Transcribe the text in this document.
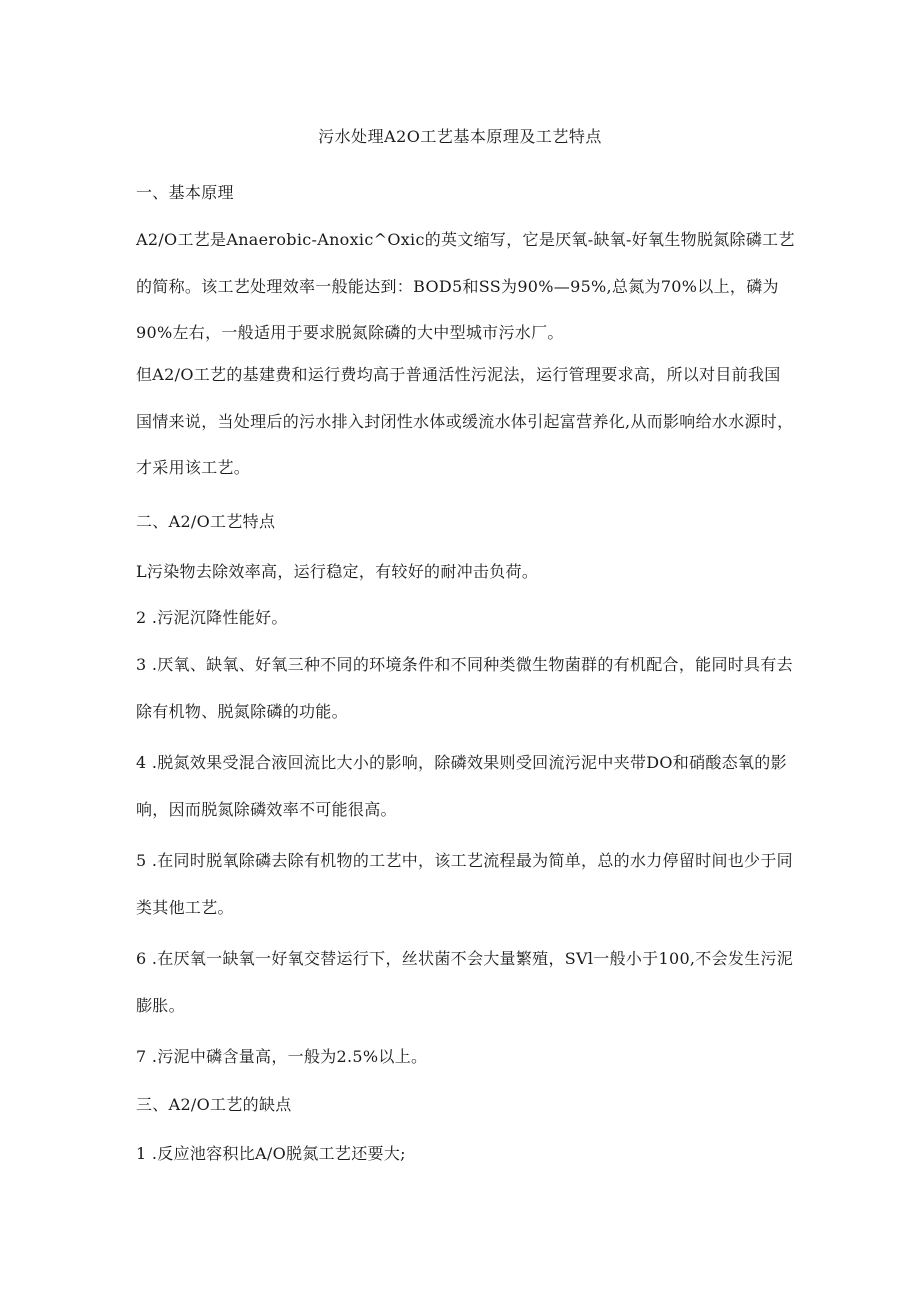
污水处理A2O工艺基本原理及工艺特点

一、基本原理

A2/O工艺是Anaerobic-Anoxic^Oxic的英文缩写，它是厌氧-缺氧-好氧生物脱氮除磷工艺的简称。该工艺处理效率一般能达到：BOD5和SS为90%—95%,总氮为70%以上，磷为90%左右，一般适用于要求脱氮除磷的大中型城市污水厂。

但A2/O工艺的基建费和运行费均高于普通活性污泥法，运行管理要求高，所以对目前我国国情来说，当处理后的污水排入封闭性水体或缓流水体引起富营养化,从而影响给水水源时，才采用该工艺。

二、A2/O工艺特点

L污染物去除效率高，运行稳定，有较好的耐冲击负荷。

2 .污泥沉降性能好。

3 .厌氧、缺氧、好氧三种不同的环境条件和不同种类微生物菌群的有机配合，能同时具有去除有机物、脱氮除磷的功能。

4 .脱氮效果受混合液回流比大小的影响，除磷效果则受回流污泥中夹带DO和硝酸态氧的影响，因而脱氮除磷效率不可能很高。

5 .在同时脱氧除磷去除有机物的工艺中，该工艺流程最为简单，总的水力停留时间也少于同类其他工艺。

6 .在厌氧一缺氧一好氧交替运行下，丝状菌不会大量繁殖，SVl一般小于100,不会发生污泥膨胀。

7 .污泥中磷含量高，一般为2.5%以上。

三、A2/O工艺的缺点

1 .反应池容积比A/O脱氮工艺还要大;
